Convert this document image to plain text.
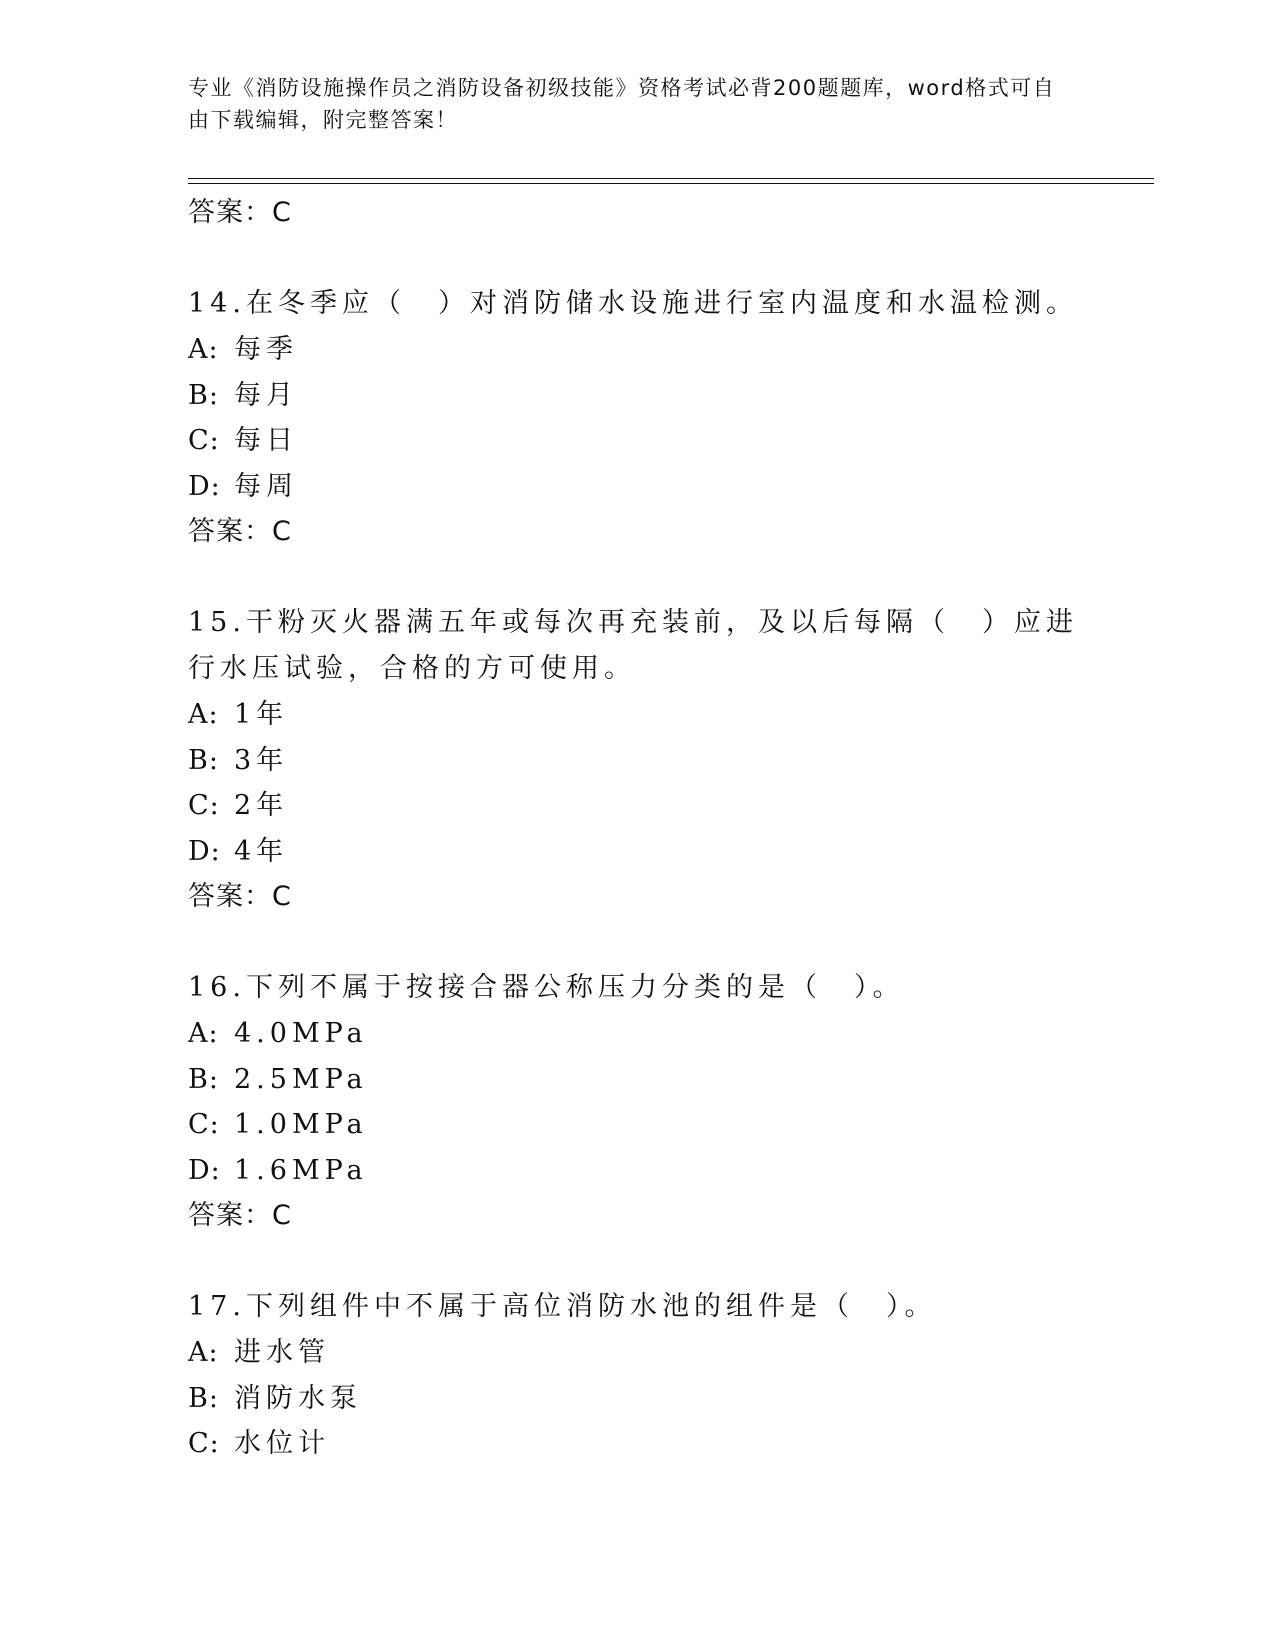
专业《消防设施操作员之消防设备初级技能》资格考试必背200题题库，word格式可自由下载编辑，附完整答案！
答案：C

14.在冬季应（　）对消防储水设施进行室内温度和水温检测。

A: 每季
B: 每月
C: 每日
D: 每周
答案：C

15.干粉灭火器满五年或每次再充装前，及以后每隔（　）应进行水压试验，合格的方可使用。

A: 1年
B: 3年
C: 2年
D: 4年
答案：C

16.下列不属于按接合器公称压力分类的是（　）。

A: 4.0MPa
B: 2.5MPa
C: 1.0MPa
D: 1.6MPa
答案：C

17.下列组件中不属于高位消防水池的组件是（　）。

A: 进水管
B: 消防水泵
C: 水位计
